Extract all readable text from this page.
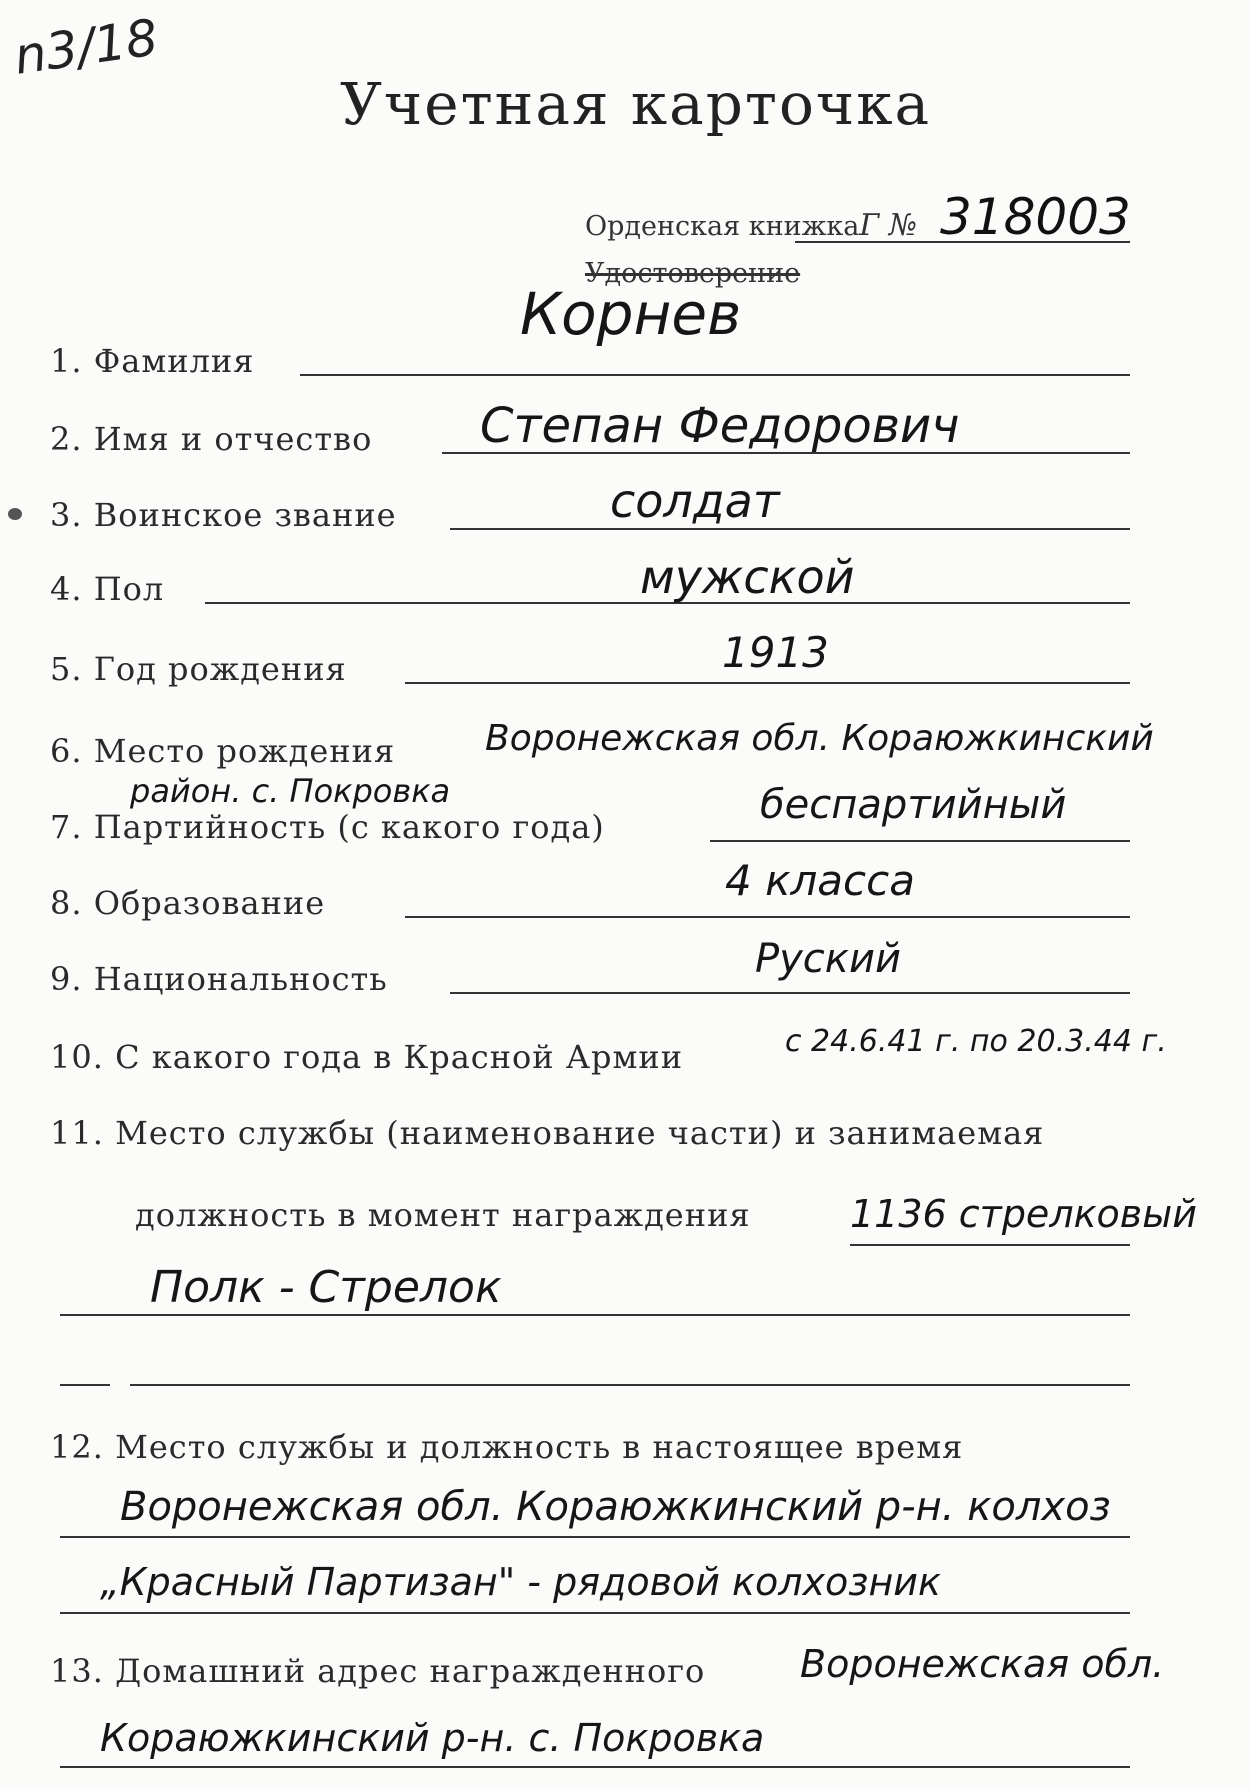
n3/18
Учетная карточка
Орденская книжкаГ № 318003
Удостоверение
1. Фамилия
Корнев
2. Имя и отчество Степан Федорович
3. Воинское звание	солдат
4. Пол	мужской
5. Год рождения	1913
6. Место рождения Воронежская обл. Кораюжкинский
район. с. Покровка
7. Партийность (с какого года)	беспартийный
8. Образование	4 класса
9. Национальность	Руский
10. С какого года в Красной Армии	с 24.6.41 г. по 20.3.44 г.
11. Место службы (наименование части) и занимаемая
должность в момент награждения	1136 стрелковый
Полк - Стрелок
12. Место службы и должность в настоящее время
Воронежская обл. Кораюжкинский р-н. колхоз
„Красный Партизан" - рядовой колхозник
13. Домашний адрес награжденного Воронежская обл.
Кораюжкинский р-н. с. Покровка
